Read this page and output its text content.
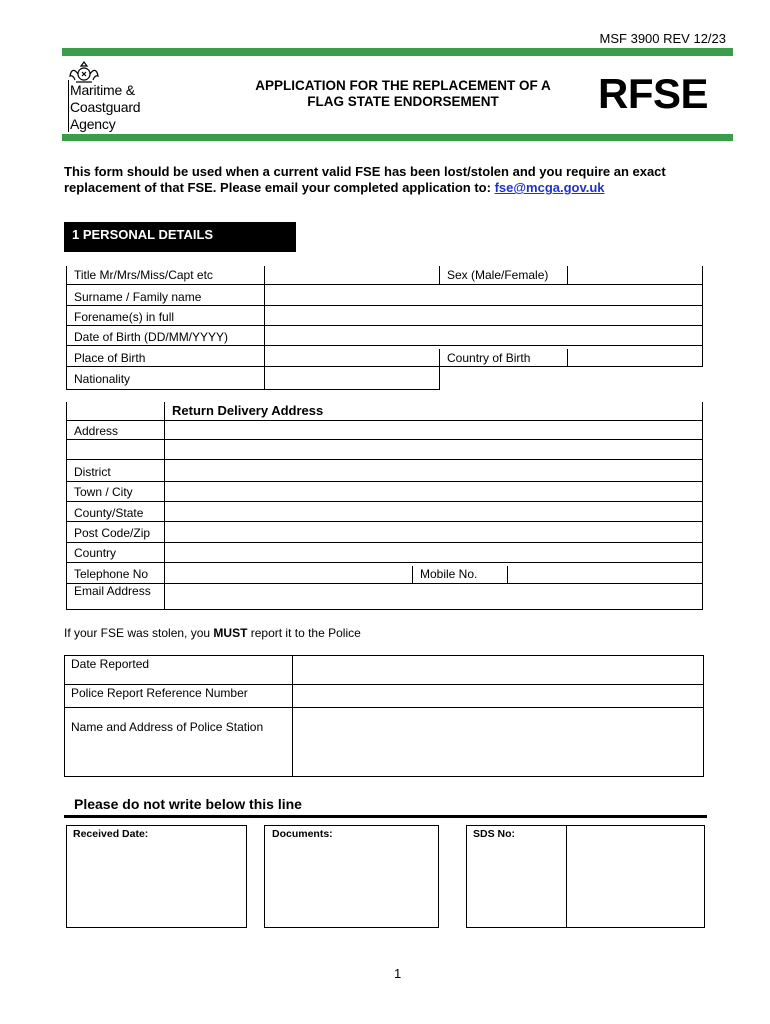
MSF 3900 REV 12/23
Maritime &
Coastguard
Agency
APPLICATION FOR THE REPLACEMENT OF A
FLAG STATE ENDORSEMENT	RFSE
This form should be used when a current valid FSE has been lost/stolen and you require an exact replacement of that FSE. Please email your completed application to: fse@mcga.gov.uk
1 PERSONAL DETAILS
Title Mr/Mrs/Miss/Capt etc	Sex (Male/Female)
Surname / Family name
Forename(s) in full
Date of Birth (DD/MM/YYYY)
Place of Birth	Country of Birth
Nationality
Return Delivery Address
Address
District
Town / City
County/State
Post Code/Zip
Country
Telephone No	Mobile No.
Email Address
If your FSE was stolen, you MUST report it to the Police
Date Reported
Police Report Reference Number
Name and Address of Police Station
Please do not write below this line
Received Date:	Documents:	SDS No:
1
